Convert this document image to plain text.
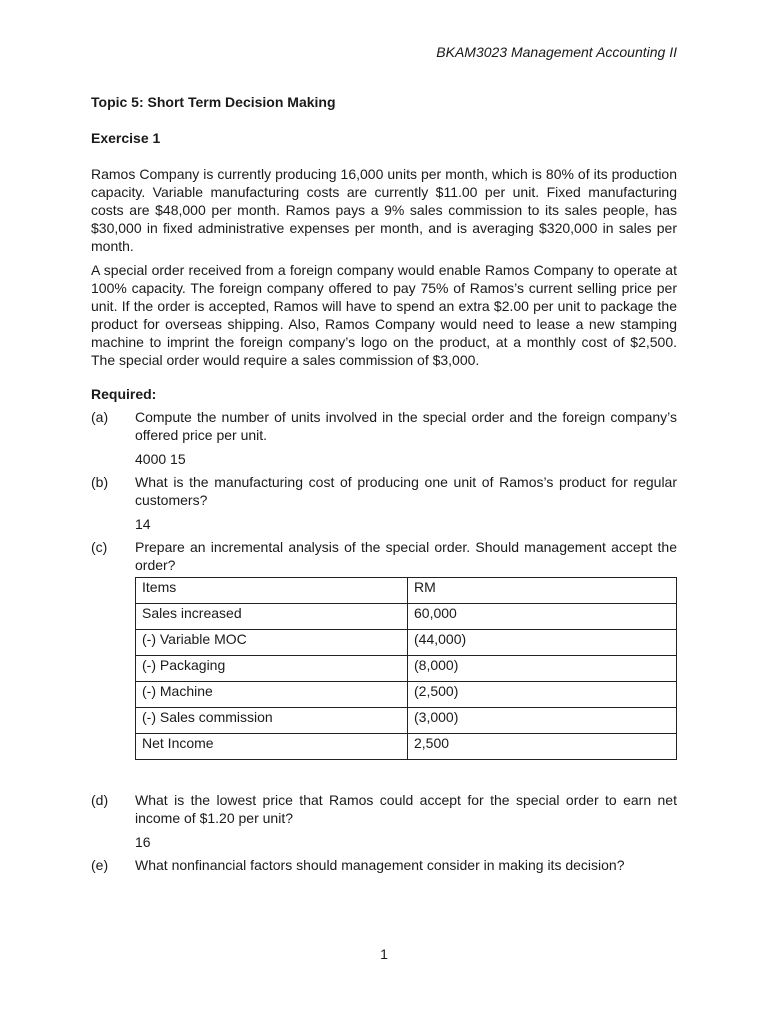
BKAM3023 Management Accounting II

Topic 5: Short Term Decision Making

Exercise 1

Ramos Company is currently producing 16,000 units per month, which is 80% of its production capacity. Variable manufacturing costs are currently $11.00 per unit. Fixed manufacturing costs are $48,000 per month. Ramos pays a 9% sales commission to its sales people, has $30,000 in fixed administrative expenses per month, and is averaging $320,000 in sales per month.

A special order received from a foreign company would enable Ramos Company to operate at 100% capacity. The foreign company offered to pay 75% of Ramos’s current selling price per unit. If the order is accepted, Ramos will have to spend an extra $2.00 per unit to package the product for overseas shipping. Also, Ramos Company would need to lease a new stamping machine to imprint the foreign company’s logo on the product, at a monthly cost of $2,500. The special order would require a sales commission of $3,000.

Required:

(a)	Compute the number of units involved in the special order and the foreign company’s offered price per unit.
4000 15
(b)	What is the manufacturing cost of producing one unit of Ramos’s product for regular customers?
14
(c)	Prepare an incremental analysis of the special order. Should management accept the order?
Items	RM
Sales increased	60,000
(-) Variable MOC	(44,000)
(-) Packaging	(8,000)
(-) Machine	(2,500)
(-) Sales commission	(3,000)
Net Income	2,500
(d)	What is the lowest price that Ramos could accept for the special order to earn net income of $1.20 per unit?
16
(e)	What nonfinancial factors should management consider in making its decision?
1
